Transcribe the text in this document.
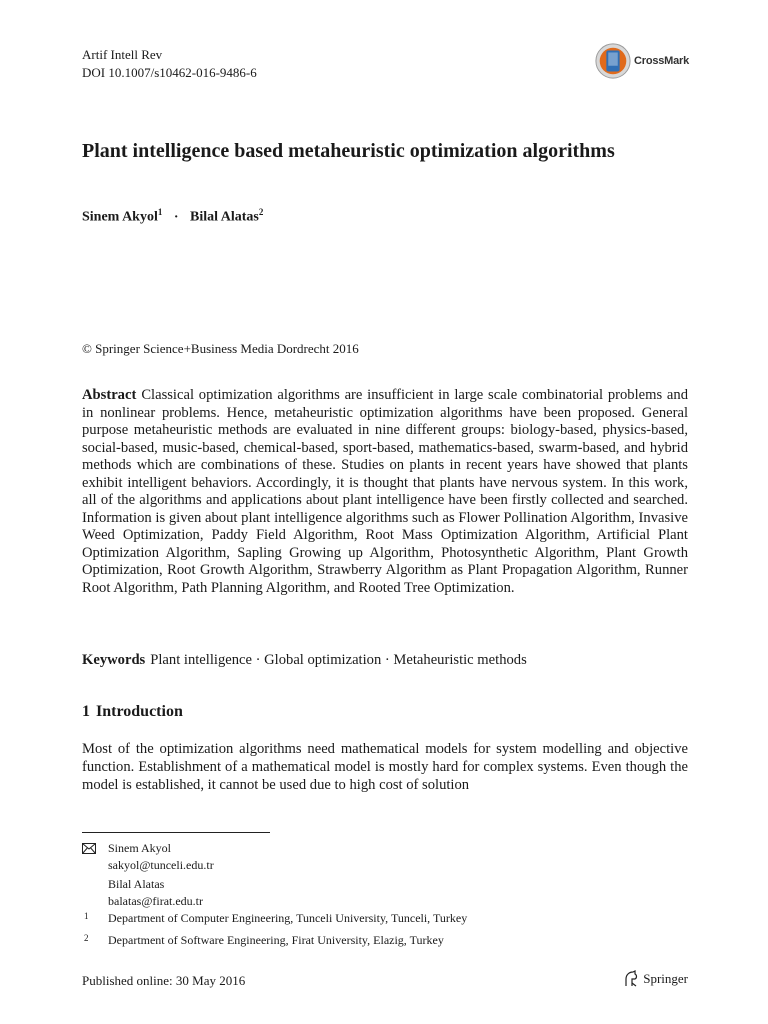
Artif Intell Rev
DOI 10.1007/s10462-016-9486-6
CrossMark
Plant intelligence based metaheuristic optimization algorithms
Sinem Akyol$^1$ · Bilal Alatas$^2$
© Springer Science+Business Media Dordrecht 2016

Abstract Classical optimization algorithms are insufficient in large scale combinatorial problems and in nonlinear problems. Hence, metaheuristic optimization algorithms have been proposed. General purpose metaheuristic methods are evaluated in nine different groups: biology-based, physics-based, social-based, music-based, chemical-based, sport-based, mathematics-based, swarm-based, and hybrid methods which are combinations of these. Studies on plants in recent years have showed that plants exhibit intelligent behaviors. Accordingly, it is thought that plants have nervous system. In this work, all of the algorithms and applications about plant intelligence have been firstly collected and searched. Information is given about plant intelligence algorithms such as Flower Pollination Algorithm, Invasive Weed Optimization, Paddy Field Algorithm, Root Mass Optimization Algorithm, Artificial Plant Optimization Algorithm, Sapling Growing up Algorithm, Photosynthetic Algorithm, Plant Growth Optimization, Root Growth Algorithm, Strawberry Algorithm as Plant Propagation Algorithm, Runner Root Algorithm, Path Planning Algorithm, and Rooted Tree Optimization.

Keywords Plant intelligence · Global optimization · Metaheuristic methods
1 Introduction

Most of the optimization algorithms need mathematical models for system modelling and objective function. Establishment of a mathematical model is mostly hard for complex systems. Even though the model is established, it cannot be used due to high cost of solution

Sinem Akyol
sakyol@tunceli.edu.tr
Bilal Alatas
balatas@firat.edu.tr
1 Department of Computer Engineering, Tunceli University, Tunceli, Turkey
2 Department of Software Engineering, Firat University, Elazig, Turkey
Published online: 30 May 2016	Springer
